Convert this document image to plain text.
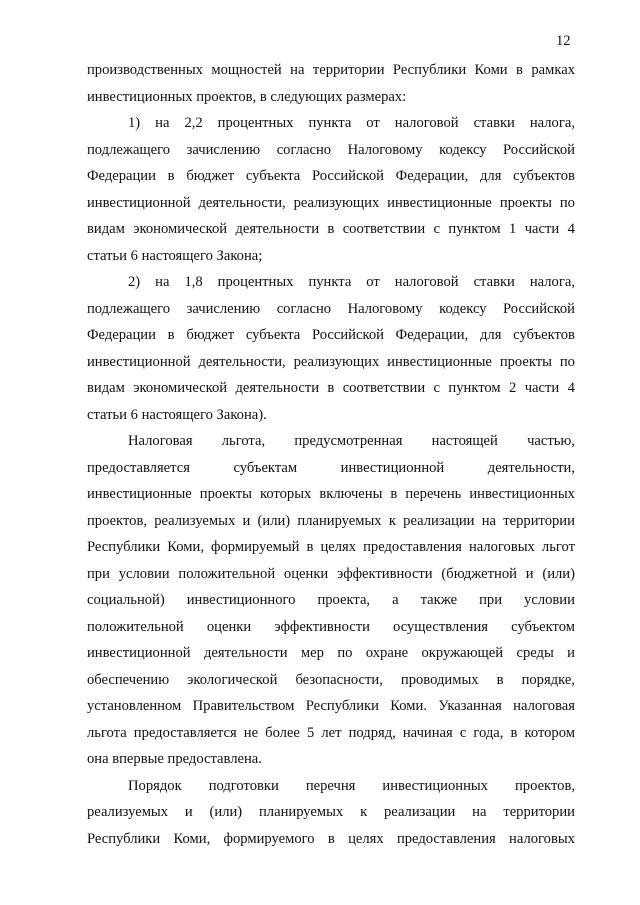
12
производственных мощностей на территории Республики Коми в рамках
инвестиционных проектов, в следующих размерах:
1) на 2,2 процентных пункта от налоговой ставки налога,
подлежащего зачислению согласно Налоговому кодексу Российской
Федерации в бюджет субъекта Российской Федерации, для субъектов
инвестиционной деятельности, реализующих инвестиционные проекты по
видам экономической деятельности в соответствии с пунктом 1 части 4
статьи 6 настоящего Закона;
2) на 1,8 процентных пункта от налоговой ставки налога,
подлежащего зачислению согласно Налоговому кодексу Российской
Федерации в бюджет субъекта Российской Федерации, для субъектов
инвестиционной деятельности, реализующих инвестиционные проекты по
видам экономической деятельности в соответствии с пунктом 2 части 4
статьи 6 настоящего Закона).
Налоговая льгота, предусмотренная настоящей частью,
предоставляется	субъектам	инвестиционной	деятельности,
инвестиционные проекты которых включены в перечень инвестиционных
проектов, реализуемых и (или) планируемых к реализации на территории
Республики Коми, формируемый в целях предоставления налоговых льгот
при условии положительной оценки эффективности (бюджетной и (или)
социальной) инвестиционного проекта, а также при условии
положительной оценки эффективности осуществления субъектом
инвестиционной деятельности мер по охране окружающей среды и
обеспечению экологической безопасности, проводимых в порядке,
установленном Правительством Республики Коми. Указанная налоговая
льгота предоставляется не более 5 лет подряд, начиная с года, в котором
она впервые предоставлена.
Порядок подготовки перечня инвестиционных проектов,
реализуемых и (или) планируемых к реализации на территории
Республики Коми, формируемого в целях предоставления налоговых
